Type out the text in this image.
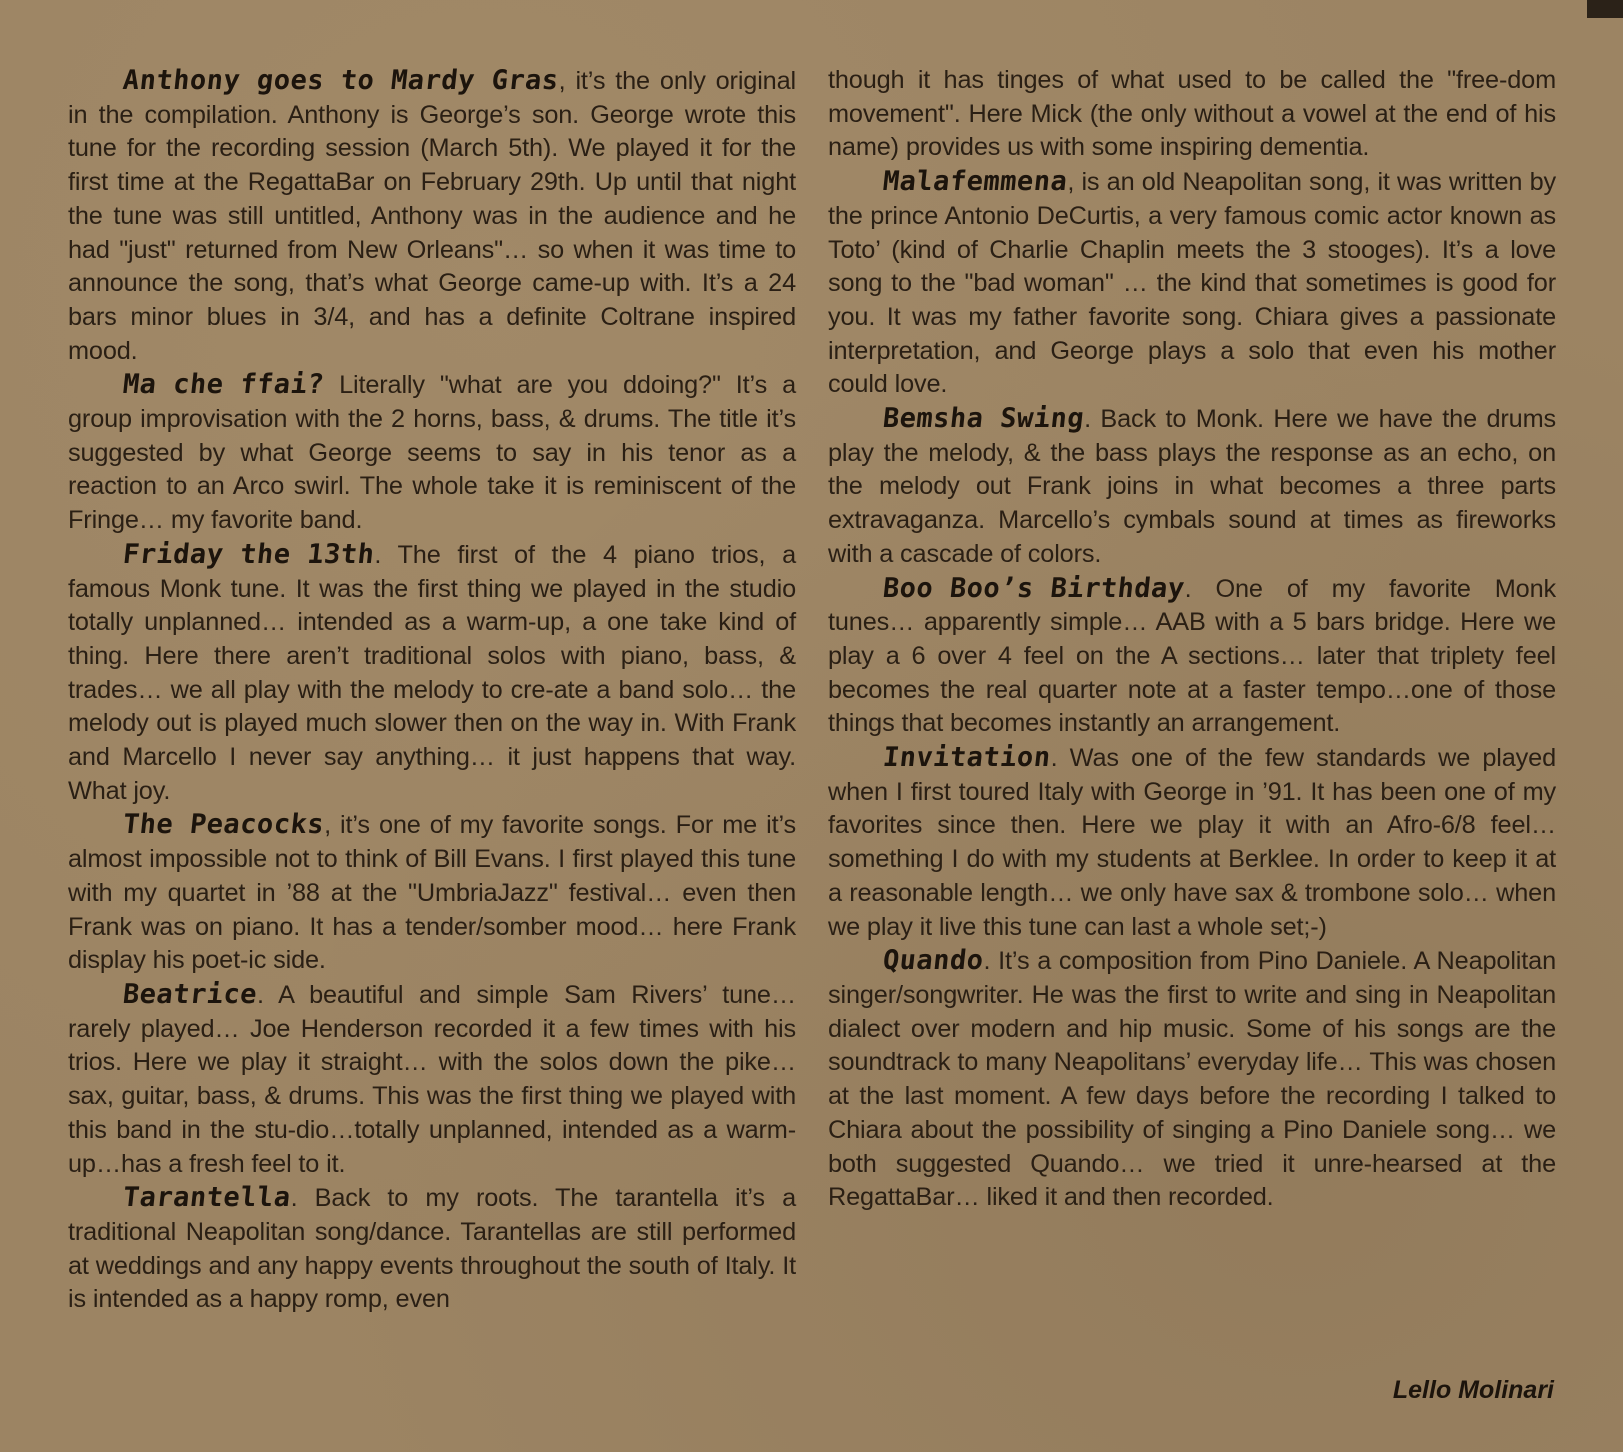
Anthony goes to Mardy Gras, it’s the only original in the compilation. Anthony is George’s son. George wrote this tune for the recording session (March 5th). We played it for the first time at the RegattaBar on February 29th. Up until that night the tune was still untitled, Anthony was in the audience and he had "just" returned from New Orleans"… so when it was time to announce the song, that’s what George came-up with. It’s a 24 bars minor blues in 3/4, and has a definite Coltrane inspired mood.

Ma che ffai? Literally "what are you ddoing?" It’s a group improvisation with the 2 horns, bass, & drums. The title it’s suggested by what George seems to say in his tenor as a reaction to an Arco swirl. The whole take it is reminiscent of the Fringe… my favorite band.

Friday the 13th. The first of the 4 piano trios, a famous Monk tune. It was the first thing we played in the studio totally unplanned… intended as a warm-up, a one take kind of thing. Here there aren’t traditional solos with piano, bass, & trades… we all play with the melody to cre-ate a band solo… the melody out is played much slower then on the way in. With Frank and Marcello I never say anything… it just happens that way. What joy.

The Peacocks, it’s one of my favorite songs. For me it’s almost impossible not to think of Bill Evans. I first played this tune with my quartet in ’88 at the "UmbriaJazz" festival… even then Frank was on piano. It has a tender/somber mood… here Frank display his poet-ic side.

Beatrice. A beautiful and simple Sam Rivers’ tune… rarely played… Joe Henderson recorded it a few times with his trios. Here we play it straight… with the solos down the pike… sax, guitar, bass, & drums. This was the first thing we played with this band in the stu-dio…totally unplanned, intended as a warm-up…has a fresh feel to it.

Tarantella. Back to my roots. The tarantella it’s a traditional Neapolitan song/dance. Tarantellas are still performed at weddings and any happy events throughout the south of Italy. It is intended as a happy romp, even

though it has tinges of what used to be called the "free-dom movement". Here Mick (the only without a vowel at the end of his name) provides us with some inspiring dementia.

Malafemmena, is an old Neapolitan song, it was written by the prince Antonio DeCurtis, a very famous comic actor known as Toto’ (kind of Charlie Chaplin meets the 3 stooges). It’s a love song to the "bad woman" … the kind that sometimes is good for you. It was my father favorite song. Chiara gives a passionate interpretation, and George plays a solo that even his mother could love.

Bemsha Swing. Back to Monk. Here we have the drums play the melody, & the bass plays the response as an echo, on the melody out Frank joins in what becomes a three parts extravaganza. Marcello’s cymbals sound at times as fireworks with a cascade of colors.

Boo Boo’s Birthday. One of my favorite Monk tunes… apparently simple… AAB with a 5 bars bridge. Here we play a 6 over 4 feel on the A sections… later that triplety feel becomes the real quarter note at a faster tempo…one of those things that becomes instantly an arrangement.

Invitation. Was one of the few standards we played when I first toured Italy with George in ’91. It has been one of my favorites since then. Here we play it with an Afro-6/8 feel… something I do with my students at Berklee. In order to keep it at a reasonable length… we only have sax & trombone solo… when we play it live this tune can last a whole set;-)

Quando. It’s a composition from Pino Daniele. A Neapolitan singer/songwriter. He was the first to write and sing in Neapolitan dialect over modern and hip music. Some of his songs are the soundtrack to many Neapolitans’ everyday life… This was chosen at the last moment. A few days before the recording I talked to Chiara about the possibility of singing a Pino Daniele song… we both suggested Quando… we tried it unre-hearsed at the RegattaBar… liked it and then recorded.

Lello Molinari
